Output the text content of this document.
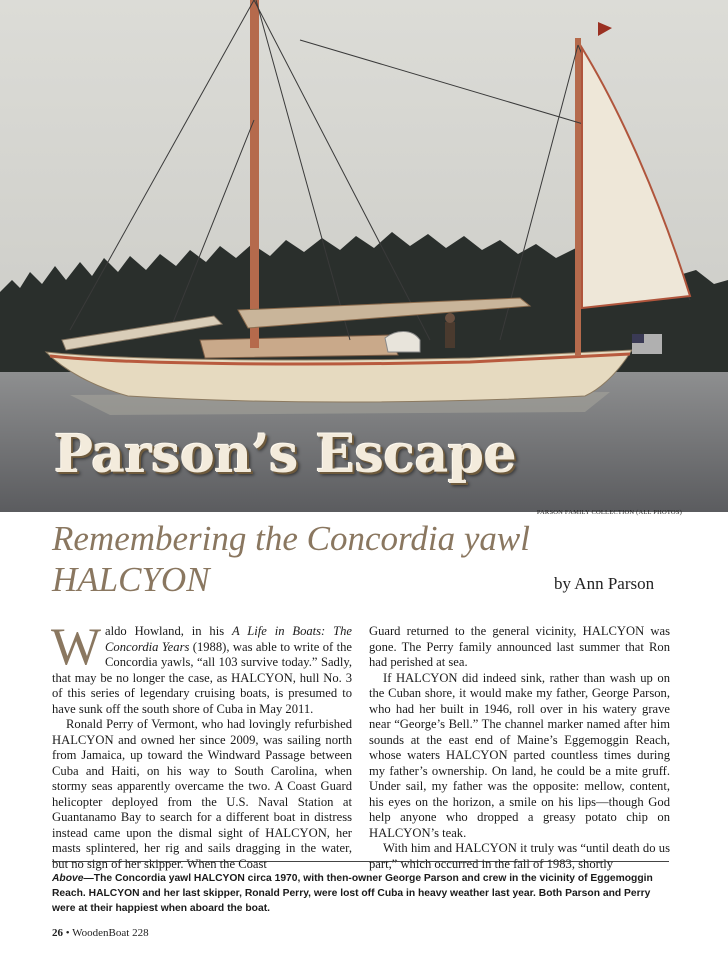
Parson’s Escape
PARSON FAMILY COLLECTION (ALL PHOTOS)
Remembering the Concordia yawl HALCYON	by Ann Parson

Waldo Howland, in his A Life in Boats: The Concordia Years (1988), was able to write of the Concordia yawls, “all 103 survive today.” Sadly, that may be no longer the case, as HALCYON, hull No. 3 of this series of legendary cruising boats, is presumed to have sunk off the south shore of Cuba in May 2011.

Ronald Perry of Vermont, who had lovingly refurbished HALCYON and owned her since 2009, was sailing north from Jamaica, up toward the Windward Passage between Cuba and Haiti, on his way to South Carolina, when stormy seas apparently overcame the two. A Coast Guard helicopter deployed from the U.S. Naval Station at Guantanamo Bay to search for a different boat in distress instead came upon the dismal sight of HALCYON, her masts splintered, her rig and sails dragging in the water, but no sign of her skipper. When the Coast

Guard returned to the general vicinity, HALCYON was gone. The Perry family announced last summer that Ron had perished at sea.

If HALCYON did indeed sink, rather than wash up on the Cuban shore, it would make my father, George Parson, who had her built in 1946, roll over in his watery grave near “George’s Bell.” The channel marker named after him sounds at the east end of Maine’s Eggemoggin Reach, whose waters HALCYON parted countless times during my father’s ownership. On land, he could be a mite gruff. Under sail, my father was the opposite: mellow, content, his eyes on the horizon, a smile on his lips—though God help anyone who dropped a greasy potato chip on HALCYON’s teak.

With him and HALCYON it truly was “until death do us part,” which occurred in the fall of 1983, shortly

Above—The Concordia yawl HALCYON circa 1970, with then-owner George Parson and crew in the vicinity of Eggemoggin Reach. HALCYON and her last skipper, Ronald Perry, were lost off Cuba in heavy weather last year. Both Parson and Perry were at their happiest when aboard the boat.
26 • WoodenBoat 228
